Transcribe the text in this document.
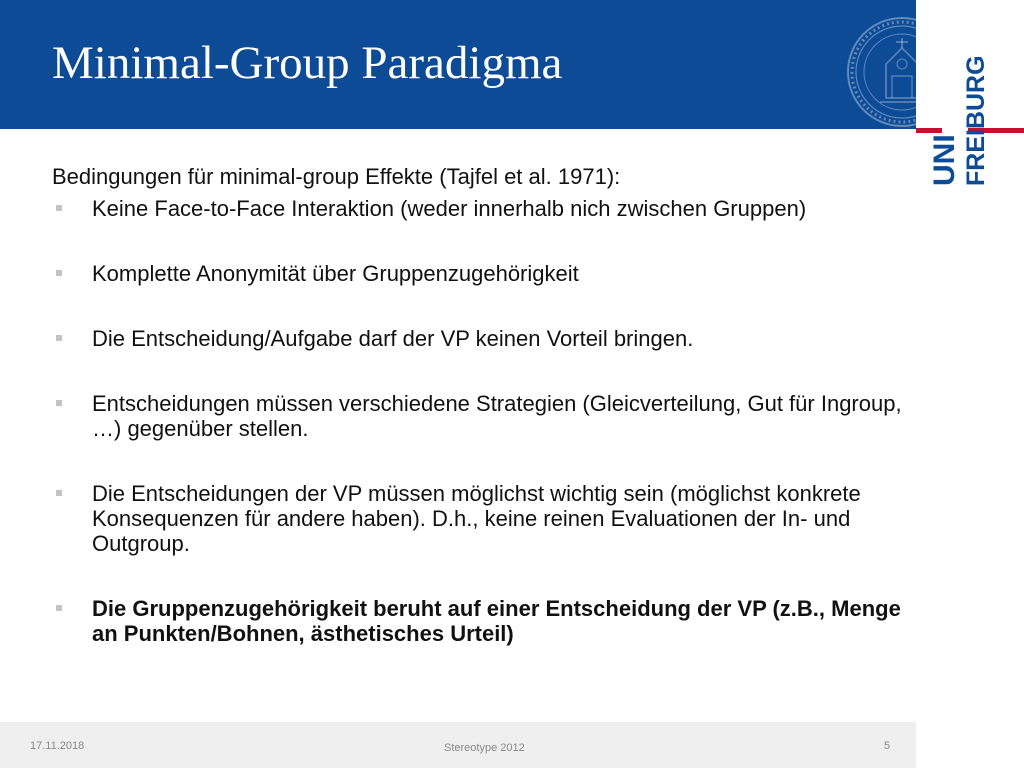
Minimal-Group Paradigma
UNI FREIBURG

Bedingungen für minimal-group Effekte (Tajfel et al. 1971):

Keine Face-to-Face Interaktion (weder innerhalb nich zwischen Gruppen)
Komplette Anonymität über Gruppenzugehörigkeit
Die Entscheidung/Aufgabe darf der VP keinen Vorteil bringen.
Entscheidungen müssen verschiedene Strategien (Gleicverteilung, Gut für Ingroup, …) gegenüber stellen.
Die Entscheidungen der VP müssen möglichst wichtig sein (möglichst konkrete Konsequenzen für andere haben). D.h., keine reinen Evaluationen der In- und Outgroup.
Die Gruppenzugehörigkeit beruht auf einer Entscheidung der VP (z.B., Menge an Punkten/Bohnen, ästhetisches Urteil)
17.11.2018	Stereotype 2012	5
